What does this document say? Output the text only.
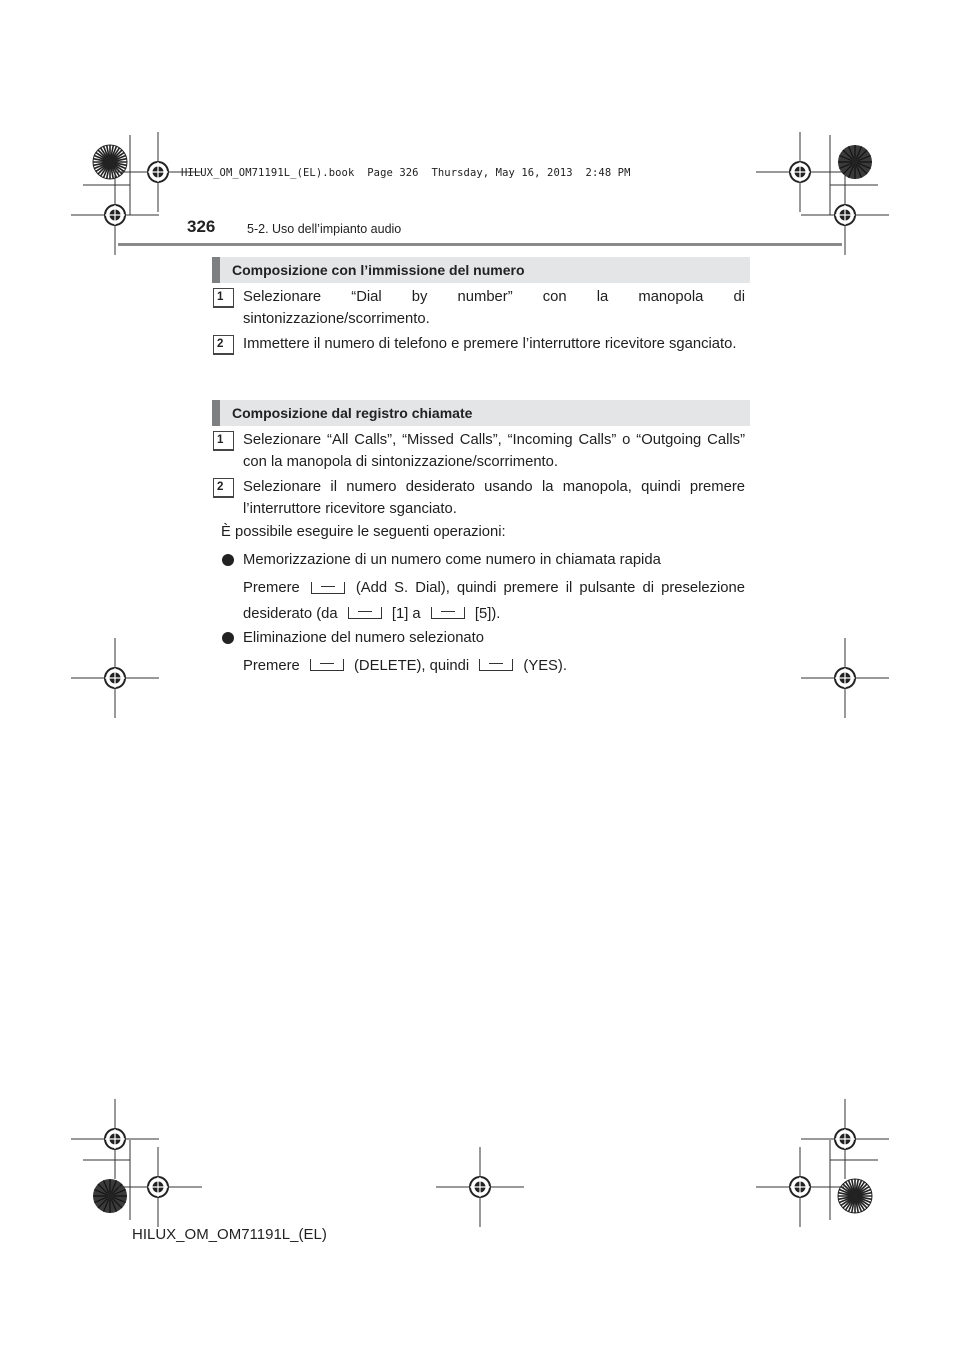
HILUX_OM_OM71191L_(EL).book  Page 326  Thursday, May 16, 2013  2:48 PM
326	5-2. Uso dell’impianto audio
Composizione con l’immissione del numero
1	Selezionare “Dial by number” con la manopola di sintonizzazione/scorrimento.
2	Immettere il numero di telefono e premere l’interruttore ricevitore sganciato.
Composizione dal registro chiamate
1	Selezionare “All Calls”, “Missed Calls”, “Incoming Calls” o “Outgoing Calls” con la manopola di sintonizzazione/scorrimento.
2	Selezionare il numero desiderato usando la manopola, quindi premere l’interruttore ricevitore sganciato.
È possibile eseguire le seguenti operazioni:
Memorizzazione di un numero come numero in chiamata rapida
Premere	(Add S. Dial), quindi premere il pulsante di preselezione
desiderato (da	[1] a	[5]).
Eliminazione del numero selezionato
Premere	(DELETE), quindi	(YES).
HILUX_OM_OM71191L_(EL)
